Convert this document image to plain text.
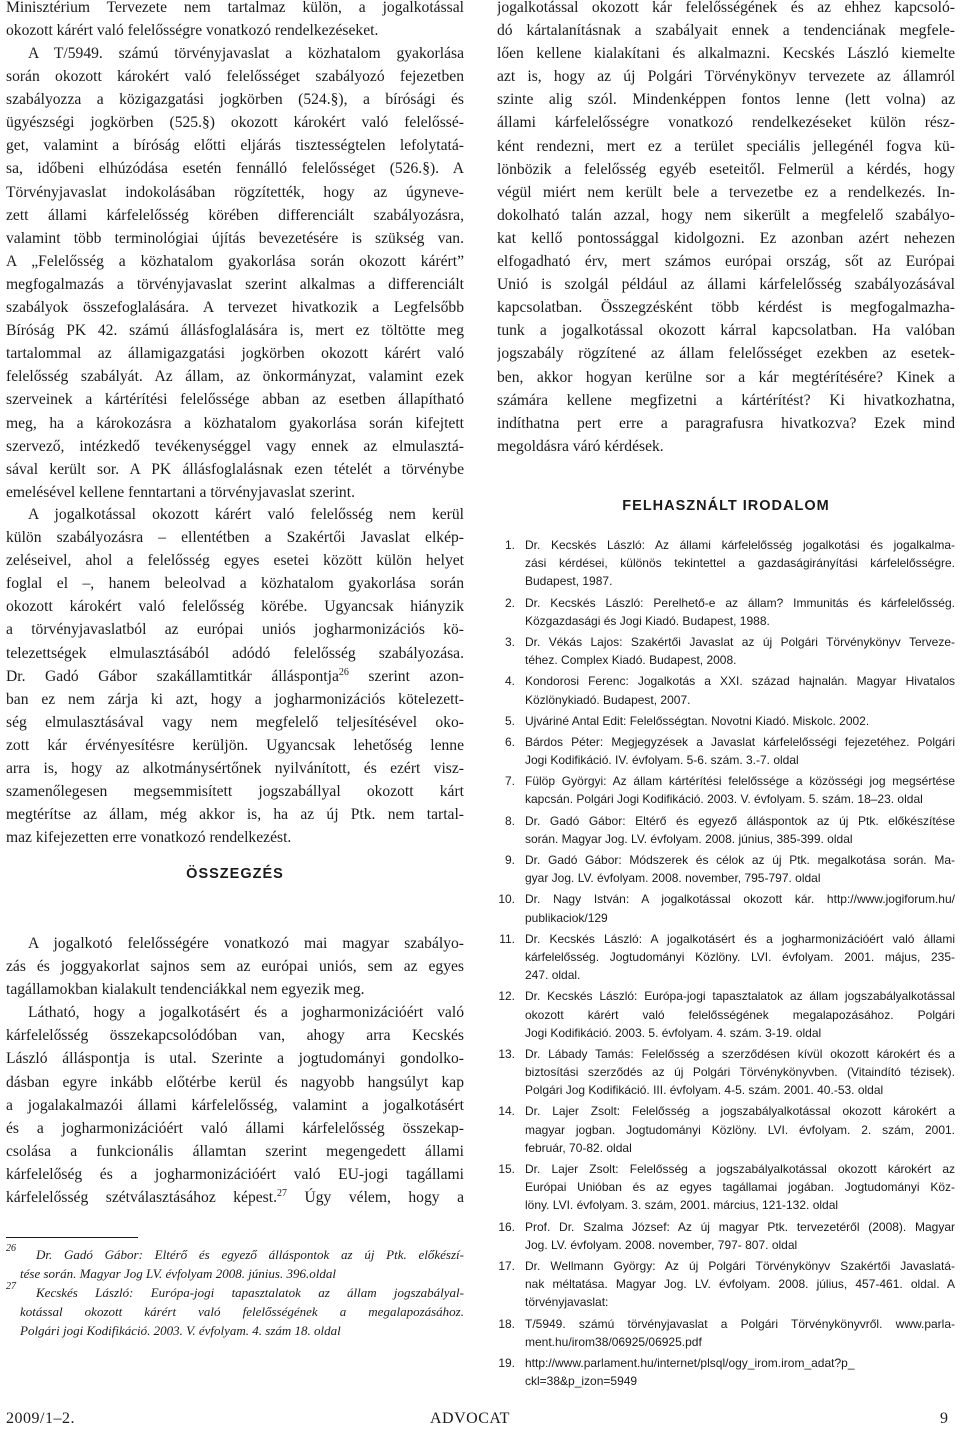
Minisztérium Tervezete nem tartalmaz külön, a jogalkotással
okozott kárért való felelősségre vonatkozó rendelkezéseket.
A T/5949. számú törvényjavaslat a közhatalom gyakorlása
során okozott károkért való felelősséget szabályozó fejezetben
szabályozza a közigazgatási jogkörben (524.§), a bírósági és
ügyészségi jogkörben (525.§) okozott károkért való felelőssé-
get, valamint a bíróság előtti eljárás tisztességtelen lefolytatá-
sa, időbeni elhúzódása esetén fennálló felelősséget (526.§). A
Törvényjavaslat indokolásában rögzítették, hogy az úgyneve-
zett állami kárfelelősség körében differenciált szabályozásra,
valamint több terminológiai újítás bevezetésére is szükség van.
A „Felelősség a közhatalom gyakorlása során okozott kárért”
megfogalmazás a törvényjavaslat szerint alkalmas a differenciált
szabályok összefoglalására. A tervezet hivatkozik a Legfelsőbb
Bíróság PK 42. számú állásfoglalására is, mert ez töltötte meg
tartalommal az államigazgatási jogkörben okozott kárért való
felelősség szabályát. Az állam, az önkormányzat, valamint ezek
szerveinek a kártérítési felelőssége abban az esetben állapítható
meg, ha a károkozásra a közhatalom gyakorlása során kifejtett
szervező, intézkedő tevékenységgel vagy ennek az elmulasztá-
sával került sor. A PK állásfoglalásnak ezen tételét a törvénybe
emelésével kellene fenntartani a törvényjavaslat szerint.
A jogalkotással okozott kárért való felelősség nem kerül
külön szabályozásra – ellentétben a Szakértői Javaslat elkép-
zeléseivel, ahol a felelősség egyes esetei között külön helyet
foglal el –, hanem beleolvad a közhatalom gyakorlása során
okozott károkért való felelősség körébe. Ugyancsak hiányzik
a törvényjavaslatból az európai uniós jogharmonizációs kö-
telezettségek elmulasztásából adódó felelősség szabályozása.
Dr. Gadó Gábor szakállamtitkár álláspontja$^{26}$ szerint azon-
ban ez nem zárja ki azt, hogy a jogharmonizációs kötelezett-
ség elmulasztásával vagy nem megfelelő teljesítésével oko-
zott kár érvényesítésre kerüljön. Ugyancsak lehetőség lenne
arra is, hogy az alkotmánysértőnek nyilvánított, és ezért visz-
szamenőlegesen megsemmisített jogszabállyal okozott kárt
megtérítse az állam, még akkor is, ha az új Ptk. nem tartal-
maz kifejezetten erre vonatkozó rendelkezést.
ÖSSZEGZÉS
A jogalkotó felelősségére vonatkozó mai magyar szabályo-
zás és joggyakorlat sajnos sem az európai uniós, sem az egyes
tagállamokban kialakult tendenciákkal nem egyezik meg.
Látható, hogy a jogalkotásért és a jogharmonizációért való
kárfelelősség összekapcsolódóban van, ahogy arra Kecskés
László álláspontja is utal. Szerinte a jogtudományi gondolko-
dásban egyre inkább előtérbe kerül és nagyobb hangsúlyt kap
a jogalakalmazói állami kárfelelősség, valamint a jogalkotásért
és a jogharmonizációért való állami kárfelelősség összekap-
csolása a funkcionális államtan szerint megengedett állami
kárfelelőség és a jogharmonizációért való EU-jogi tagállami
kárfelelősség szétválasztásához képest.$^{27}$ Úgy vélem, hogy a
26 Dr. Gadó Gábor: Eltérő és egyező álláspontok az új Ptk. előkészí-
tése során. Magyar Jog LV. évfolyam 2008. június. 396.oldal
27 Kecskés László: Európa-jogi tapasztalatok az állam jogszabályal-
kotással okozott kárért való felelősségének a megalapozásához.
Polgári jogi Kodifikáció. 2003. V. évfolyam. 4. szám 18. oldal
jogalkotással okozott kár felelősségének és az ehhez kapcsoló-
dó kártalanításnak a szabályait ennek a tendenciának megfele-
lően kellene kialakítani és alkalmazni. Kecskés László kiemelte
azt is, hogy az új Polgári Törvénykönyv tervezete az államról
szinte alig szól. Mindenképpen fontos lenne (lett volna) az
állami kárfelelősségre vonatkozó rendelkezéseket külön rész-
ként rendezni, mert ez a terület speciális jellegénél fogva kü-
lönbözik a felelősség egyéb eseteitől. Felmerül a kérdés, hogy
végül miért nem került bele a tervezetbe ez a rendelkezés. In-
dokolható talán azzal, hogy nem sikerült a megfelelő szabályo-
kat kellő pontossággal kidolgozni. Ez azonban azért nehezen
elfogadható érv, mert számos európai ország, sőt az Európai
Unió is szolgál például az állami kárfelelősség szabályozásával
kapcsolatban. Összegzésként több kérdést is megfogalmazha-
tunk a jogalkotással okozott kárral kapcsolatban. Ha valóban
jogszabály rögzítené az állam felelősséget ezekben az esetek-
ben, akkor hogyan kerülne sor a kár megtérítésére? Kinek a
számára kellene megfizetni a kártérítést? Ki hivatkozhatna,
indíthatna pert erre a paragrafusra hivatkozva? Ezek mind
megoldásra váró kérdések.
FELHASZNÁLT IRODALOM
1. Dr. Kecskés László: Az állami kárfelelősség jogalkotási és jogalkalma-
zási kérdései, különös tekintettel a gazdaságirányítási kárfelelősségre.
Budapest, 1987.
2. Dr. Kecskés László: Perelhető-e az állam? Immunitás és kárfelelősség.
Közgazdasági és Jogi Kiadó. Budapest, 1988.
3. Dr. Vékás Lajos: Szakértői Javaslat az új Polgári Törvénykönyv Terveze-
téhez. Complex Kiadó. Budapest, 2008.
4. Kondorosi Ferenc: Jogalkotás a XXI. század hajnalán. Magyar Hivatalos
Közlönykiadó. Budapest, 2007.
5. Ujváriné Antal Edit: Felelősségtan. Novotni Kiadó. Miskolc. 2002.
6. Bárdos Péter: Megjegyzések a Javaslat kárfelelősségi fejezetéhez. Polgári
Jogi Kodifikáció. IV. évfolyam. 5-6. szám. 3.-7. oldal
7. Fülöp Györgyi: Az állam kártérítési felelőssége a közösségi jog megsértése
kapcsán. Polgári Jogi Kodifikáció. 2003. V. évfolyam. 5. szám. 18–23. oldal
8. Dr. Gadó Gábor: Eltérő és egyező álláspontok az új Ptk. előkészítése
során. Magyar Jog. LV. évfolyam. 2008. június, 385-399. oldal
9. Dr. Gadó Gábor: Módszerek és célok az új Ptk. megalkotása során. Ma-
gyar Jog. LV. évfolyam. 2008. november, 795-797. oldal
10. Dr. Nagy István: A jogalkotással okozott kár. http://www.jogiforum.hu/
publikaciok/129
11. Dr. Kecskés László: A jogalkotásért és a jogharmonizációért való állami
kárfelelősség. Jogtudományi Közlöny. LVI. évfolyam. 2001. május, 235-
247. oldal.
12. Dr. Kecskés László: Európa-jogi tapasztalatok az állam jogszabályalkotással
okozott kárért való felelősségének megalapozásához. Polgári
Jogi Kodifikáció. 2003. 5. évfolyam. 4. szám. 3-19. oldal
13. Dr. Lábady Tamás: Felelősség a szerződésen kívül okozott károkért és a
biztosítási szerződés az új Polgári Törvénykönyvben. (Vitaindító tézisek).
Polgári Jog Kodifikáció. III. évfolyam. 4-5. szám. 2001. 40.-53. oldal
14. Dr. Lajer Zsolt: Felelősség a jogszabályalkotással okozott károkért a
magyar jogban. Jogtudományi Közlöny. LVI. évfolyam. 2. szám, 2001.
február, 70-82. oldal
15. Dr. Lajer Zsolt: Felelősség a jogszabályalkotással okozott károkért az
Európai Unióban és az egyes tagállamai jogában. Jogtudományi Köz-
löny. LVI. évfolyam. 3. szám, 2001. március, 121-132. oldal
16. Prof. Dr. Szalma József: Az új magyar Ptk. tervezetéről (2008). Magyar
Jog. LV. évfolyam. 2008. november, 797- 807. oldal
17. Dr. Wellmann György: Az új Polgári Törvénykönyv Szakértői Javaslatá-
nak méltatása. Magyar Jog. LV. évfolyam. 2008. július, 457-461. oldal. A
törvényjavaslat:
18. T/5949. számú törvényjavaslat a Polgári Törvénykönyvről. www.parla-
ment.hu/irom38/06925/06925.pdf
19. http://www.parlament.hu/internet/plsql/ogy_irom.irom_adat?p_
ckl=38&p_izon=5949
2009/1–2.	ADVOCAT	9
